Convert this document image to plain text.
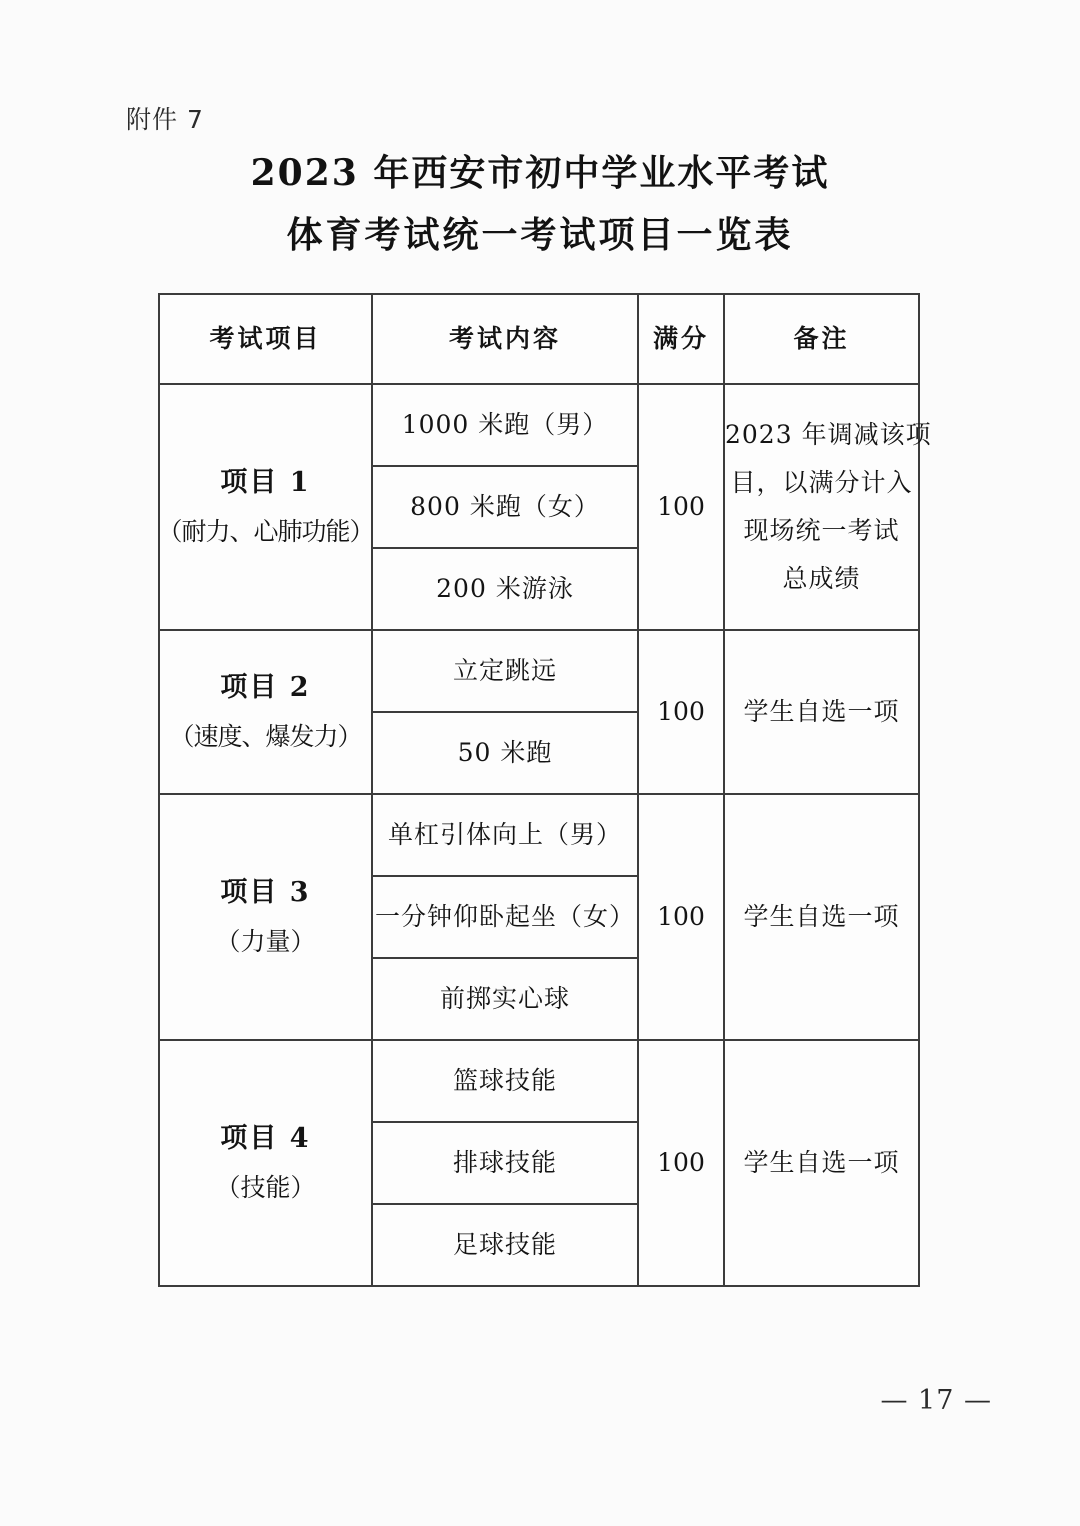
附件 7
2023 年西安市初中学业水平考试
体育考试统一考试项目一览表
考试项目	考试内容	满分	备注

项目 1
（耐力、心肺功能）	1000 米跑（男）	100	2023 年调减该项
目，以满分计入
现场统一考试
总成绩

	800 米跑（女）		
	200 米游泳		

项目 2
（速度、爆发力）	立定跳远	100	学生自选一项

	50 米跑		

项目 3
（力量）	单杠引体向上（男）	100	学生自选一项

	一分钟仰卧起坐（女）		
	前掷实心球		

项目 4
（技能）	篮球技能	100	学生自选一项

	排球技能		
	足球技能		
— 17 —
